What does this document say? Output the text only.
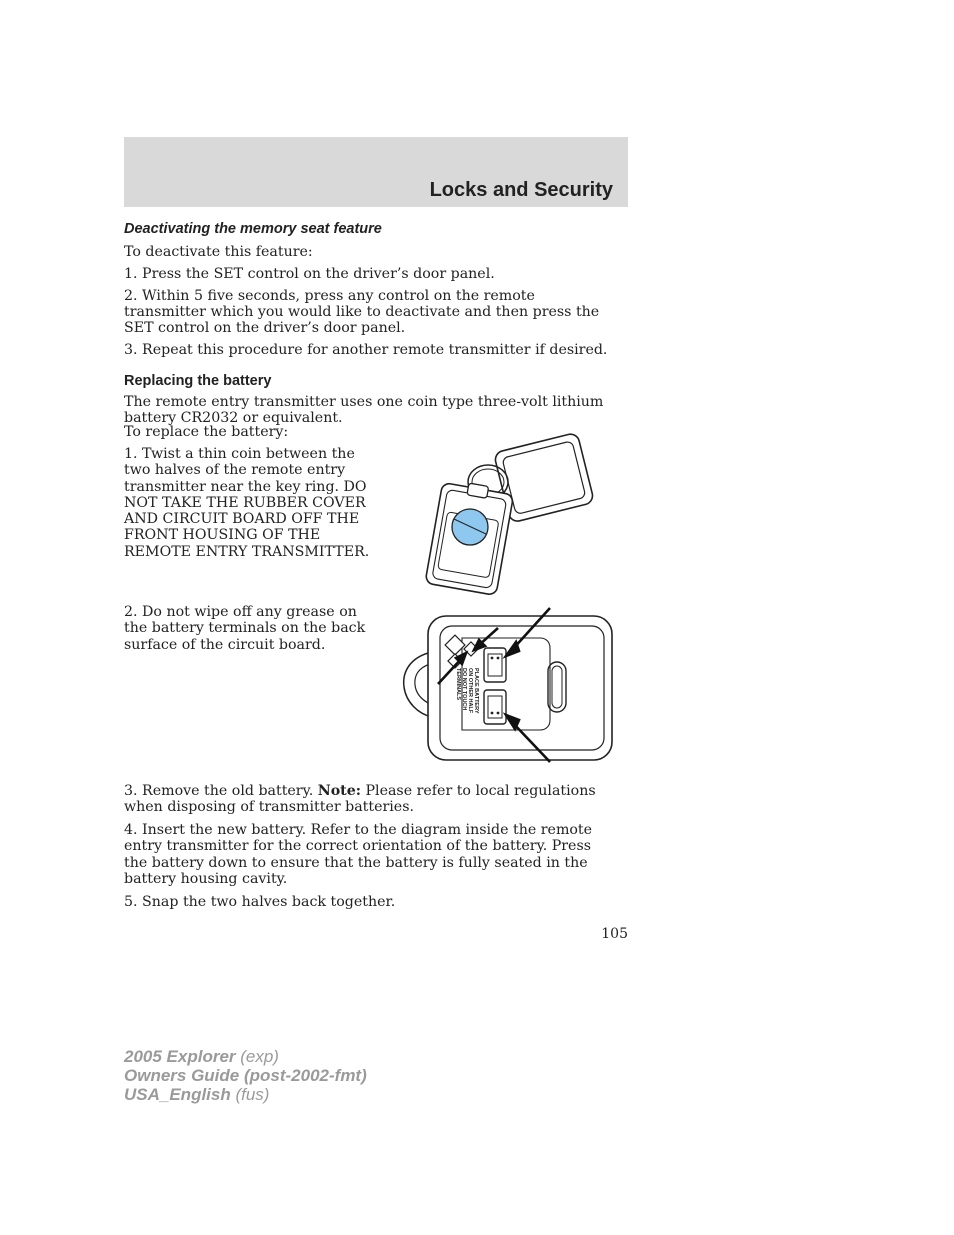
Locks and Security
Deactivating the memory seat feature

To deactivate this feature:

1. Press the SET control on the driver’s door panel.

2. Within 5 five seconds, press any control on the remote transmitter which you would like to deactivate and then press the SET control on the driver’s door panel.

3. Repeat this procedure for another remote transmitter if desired.

Replacing the battery

The remote entry transmitter uses one coin type three-volt lithium battery CR2032 or equivalent.

To replace the battery:

1. Twist a thin coin between the two halves of the remote entry transmitter near the key ring. DO NOT TAKE THE RUBBER COVER AND CIRCUIT BOARD OFF THE FRONT HOUSING OF THE REMOTE ENTRY TRANSMITTER.

2. Do not wipe off any grease on the battery terminals on the back surface of the circuit board.

PLACE BATTERY
ON OTHER HALF
DO NOT TOUCH
TERMINALS

3. Remove the old battery. Note: Please refer to local regulations when disposing of transmitter batteries.

4. Insert the new battery. Refer to the diagram inside the remote entry transmitter for the correct orientation of the battery. Press the battery down to ensure that the battery is fully seated in the battery housing cavity.

5. Snap the two halves back together.

105
2005 Explorer (exp)
Owners Guide (post-2002-fmt)
USA_English (fus)
